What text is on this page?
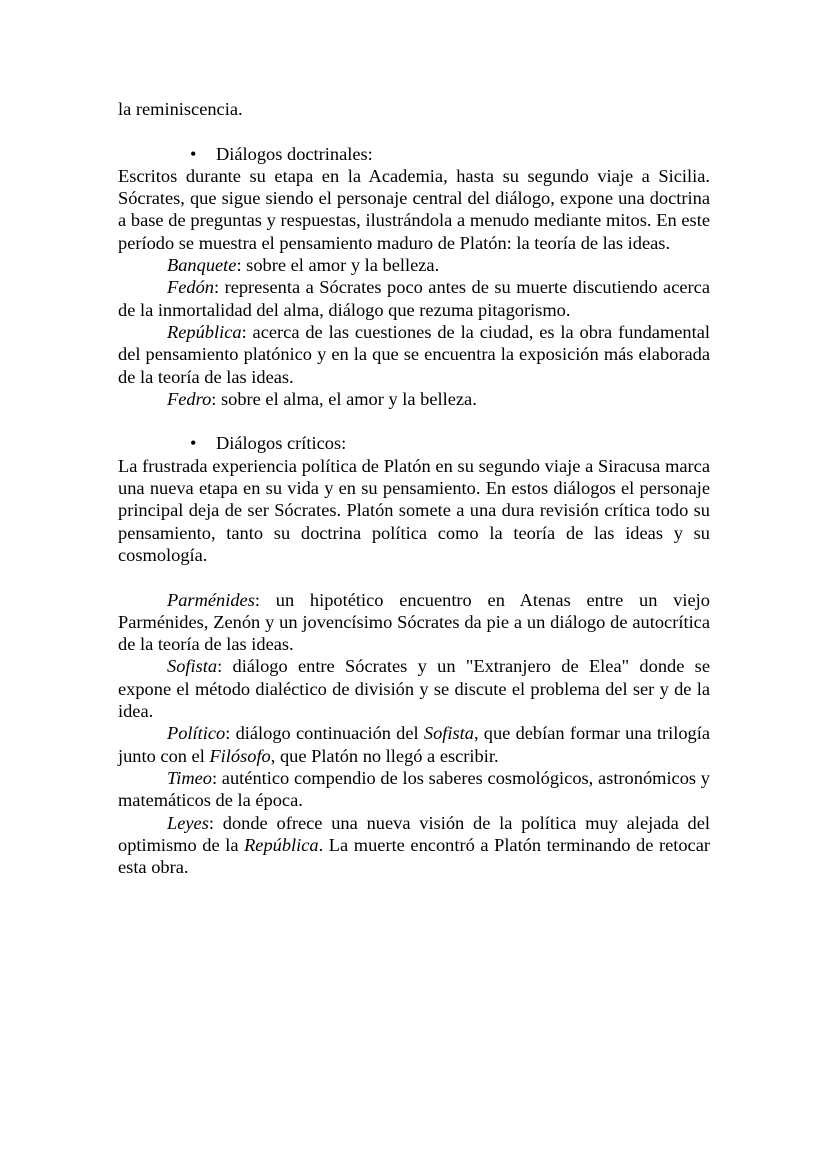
la reminiscencia.

• Diálogos doctrinales:

Escritos durante su etapa en la Academia, hasta su segundo viaje a Sicilia. Sócrates, que sigue siendo el personaje central del diálogo, expone una doctrina a base de preguntas y respuestas, ilustrándola a menudo mediante mitos. En este período se muestra el pensamiento maduro de Platón: la teoría de las ideas.

Banquete: sobre el amor y la belleza.

Fedón: representa a Sócrates poco antes de su muerte discutiendo acerca de la inmortalidad del alma, diálogo que rezuma pitagorismo.

República: acerca de las cuestiones de la ciudad, es la obra fundamental del pensamiento platónico y en la que se encuentra la exposición más elaborada de la teoría de las ideas.

Fedro: sobre el alma, el amor y la belleza.

• Diálogos críticos:

La frustrada experiencia política de Platón en su segundo viaje a Siracusa marca una nueva etapa en su vida y en su pensamiento. En estos diálogos el personaje principal deja de ser Sócrates. Platón somete a una dura revisión crítica todo su pensamiento, tanto su doctrina política como la teoría de las ideas y su cosmología.

Parménides: un hipotético encuentro en Atenas entre un viejo Parménides, Zenón y un jovencísimo Sócrates da pie a un diálogo de autocrítica de la teoría de las ideas.

Sofista: diálogo entre Sócrates y un "Extranjero de Elea" donde se expone el método dialéctico de división y se discute el problema del ser y de la idea.

Político: diálogo continuación del Sofista, que debían formar una trilogía junto con el Filósofo, que Platón no llegó a escribir.

Timeo: auténtico compendio de los saberes cosmológicos, astronómicos y matemáticos de la época.

Leyes: donde ofrece una nueva visión de la política muy alejada del optimismo de la República. La muerte encontró a Platón terminando de retocar esta obra.
